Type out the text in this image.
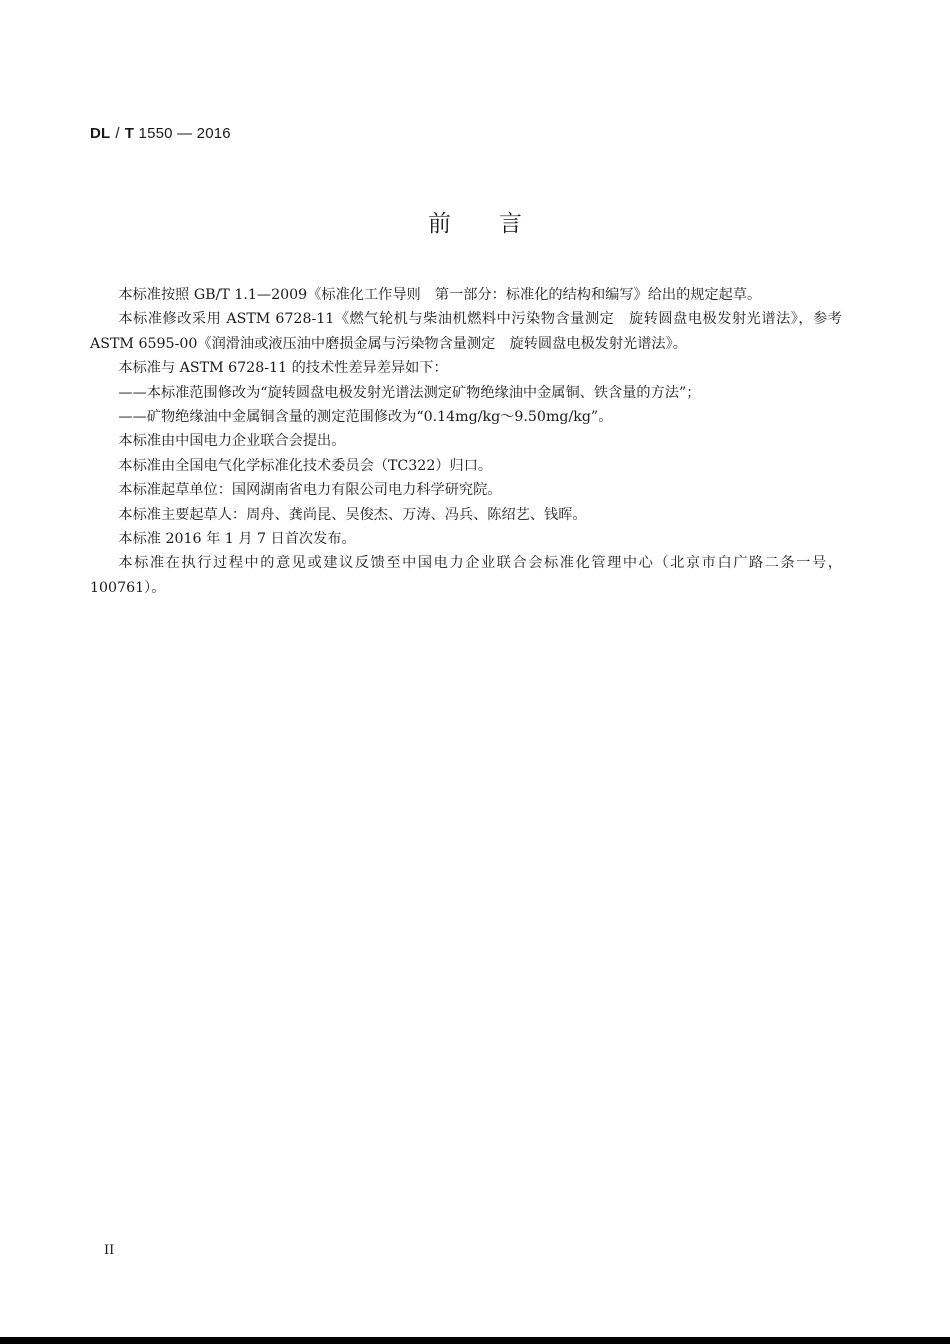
DL / T 1550 — 2016
前言

本标准按照 GB/T 1.1—2009《标准化工作导则　第一部分：标准化的结构和编写》给出的规定起草。

本标准修改采用 ASTM 6728-11《燃气轮机与柴油机燃料中污染物含量测定　旋转圆盘电极发射光谱法》，参考 ASTM 6595-00《润滑油或液压油中磨损金属与污染物含量测定　旋转圆盘电极发射光谱法》。

本标准与 ASTM 6728-11 的技术性差异差异如下：

——本标准范围修改为“旋转圆盘电极发射光谱法测定矿物绝缘油中金属铜、铁含量的方法”；

——矿物绝缘油中金属铜含量的测定范围修改为“0.14mg/kg～9.50mg/kg”。

本标准由中国电力企业联合会提出。

本标准由全国电气化学标准化技术委员会（TC322）归口。

本标准起草单位：国网湖南省电力有限公司电力科学研究院。

本标准主要起草人：周舟、龚尚昆、吴俊杰、万涛、冯兵、陈绍艺、钱晖。

本标准 2016 年 1 月 7 日首次发布。

本标准在执行过程中的意见或建议反馈至中国电力企业联合会标准化管理中心（北京市白广路二条一号，100761）。

II
